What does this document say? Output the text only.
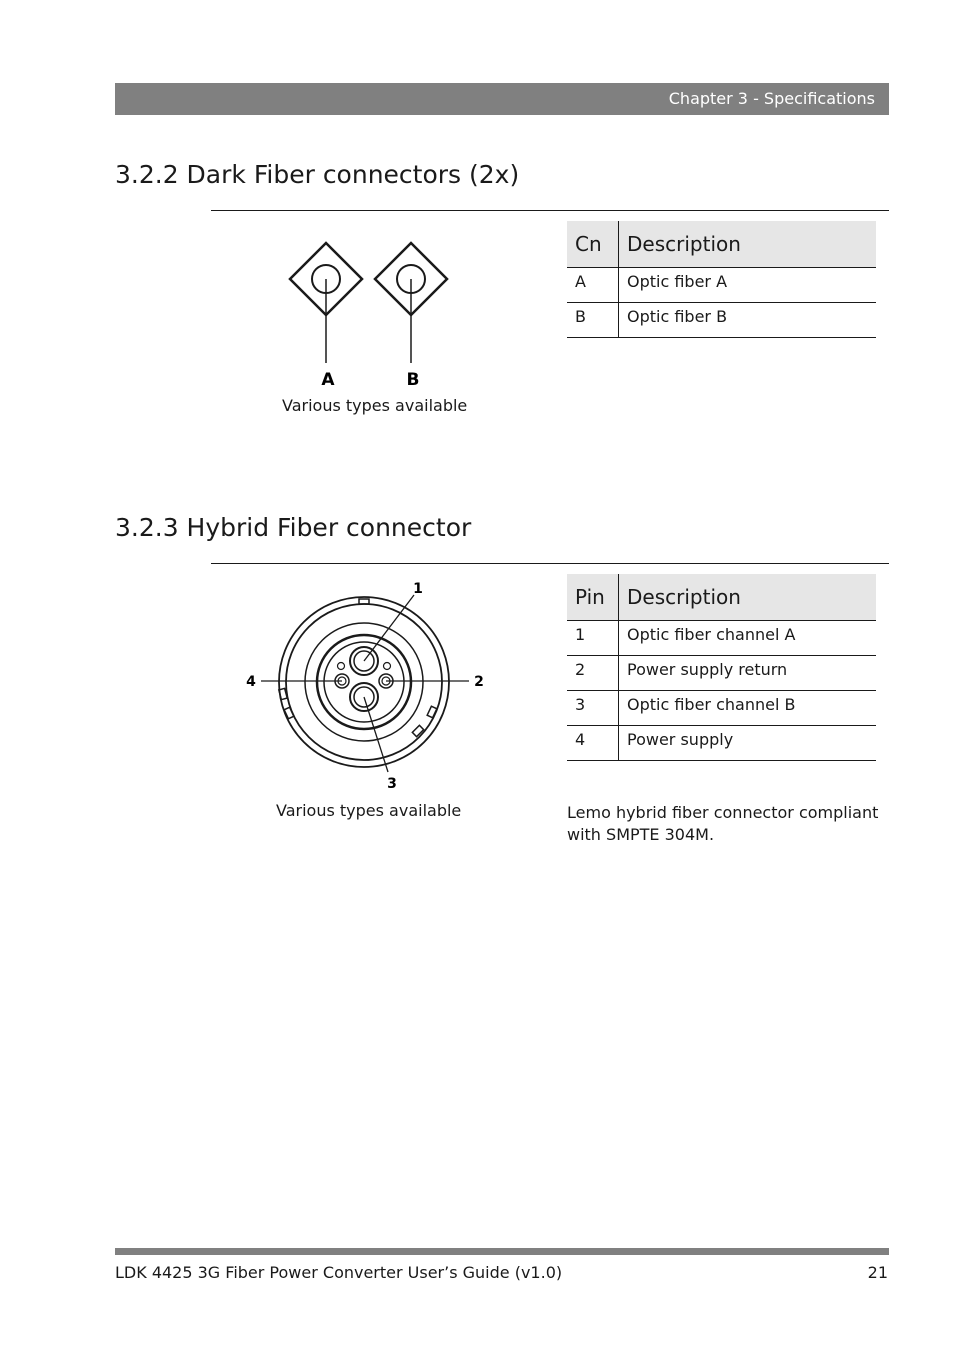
Chapter 3 - Specifications
3.2.2 Dark Fiber connectors (2x)
A	B
Various types available
Cn	Description
A	Optic fiber A
B	Optic fiber B
3.2.3 Hybrid Fiber connector
1
2
3
4
Various types available
Pin	Description
1	Optic fiber channel A
2	Power supply return
3	Optic fiber channel B
4	Power supply
Lemo hybrid fiber connector compliant with SMPTE 304M.
LDK 4425 3G Fiber Power Converter User’s Guide (v1.0)	21
